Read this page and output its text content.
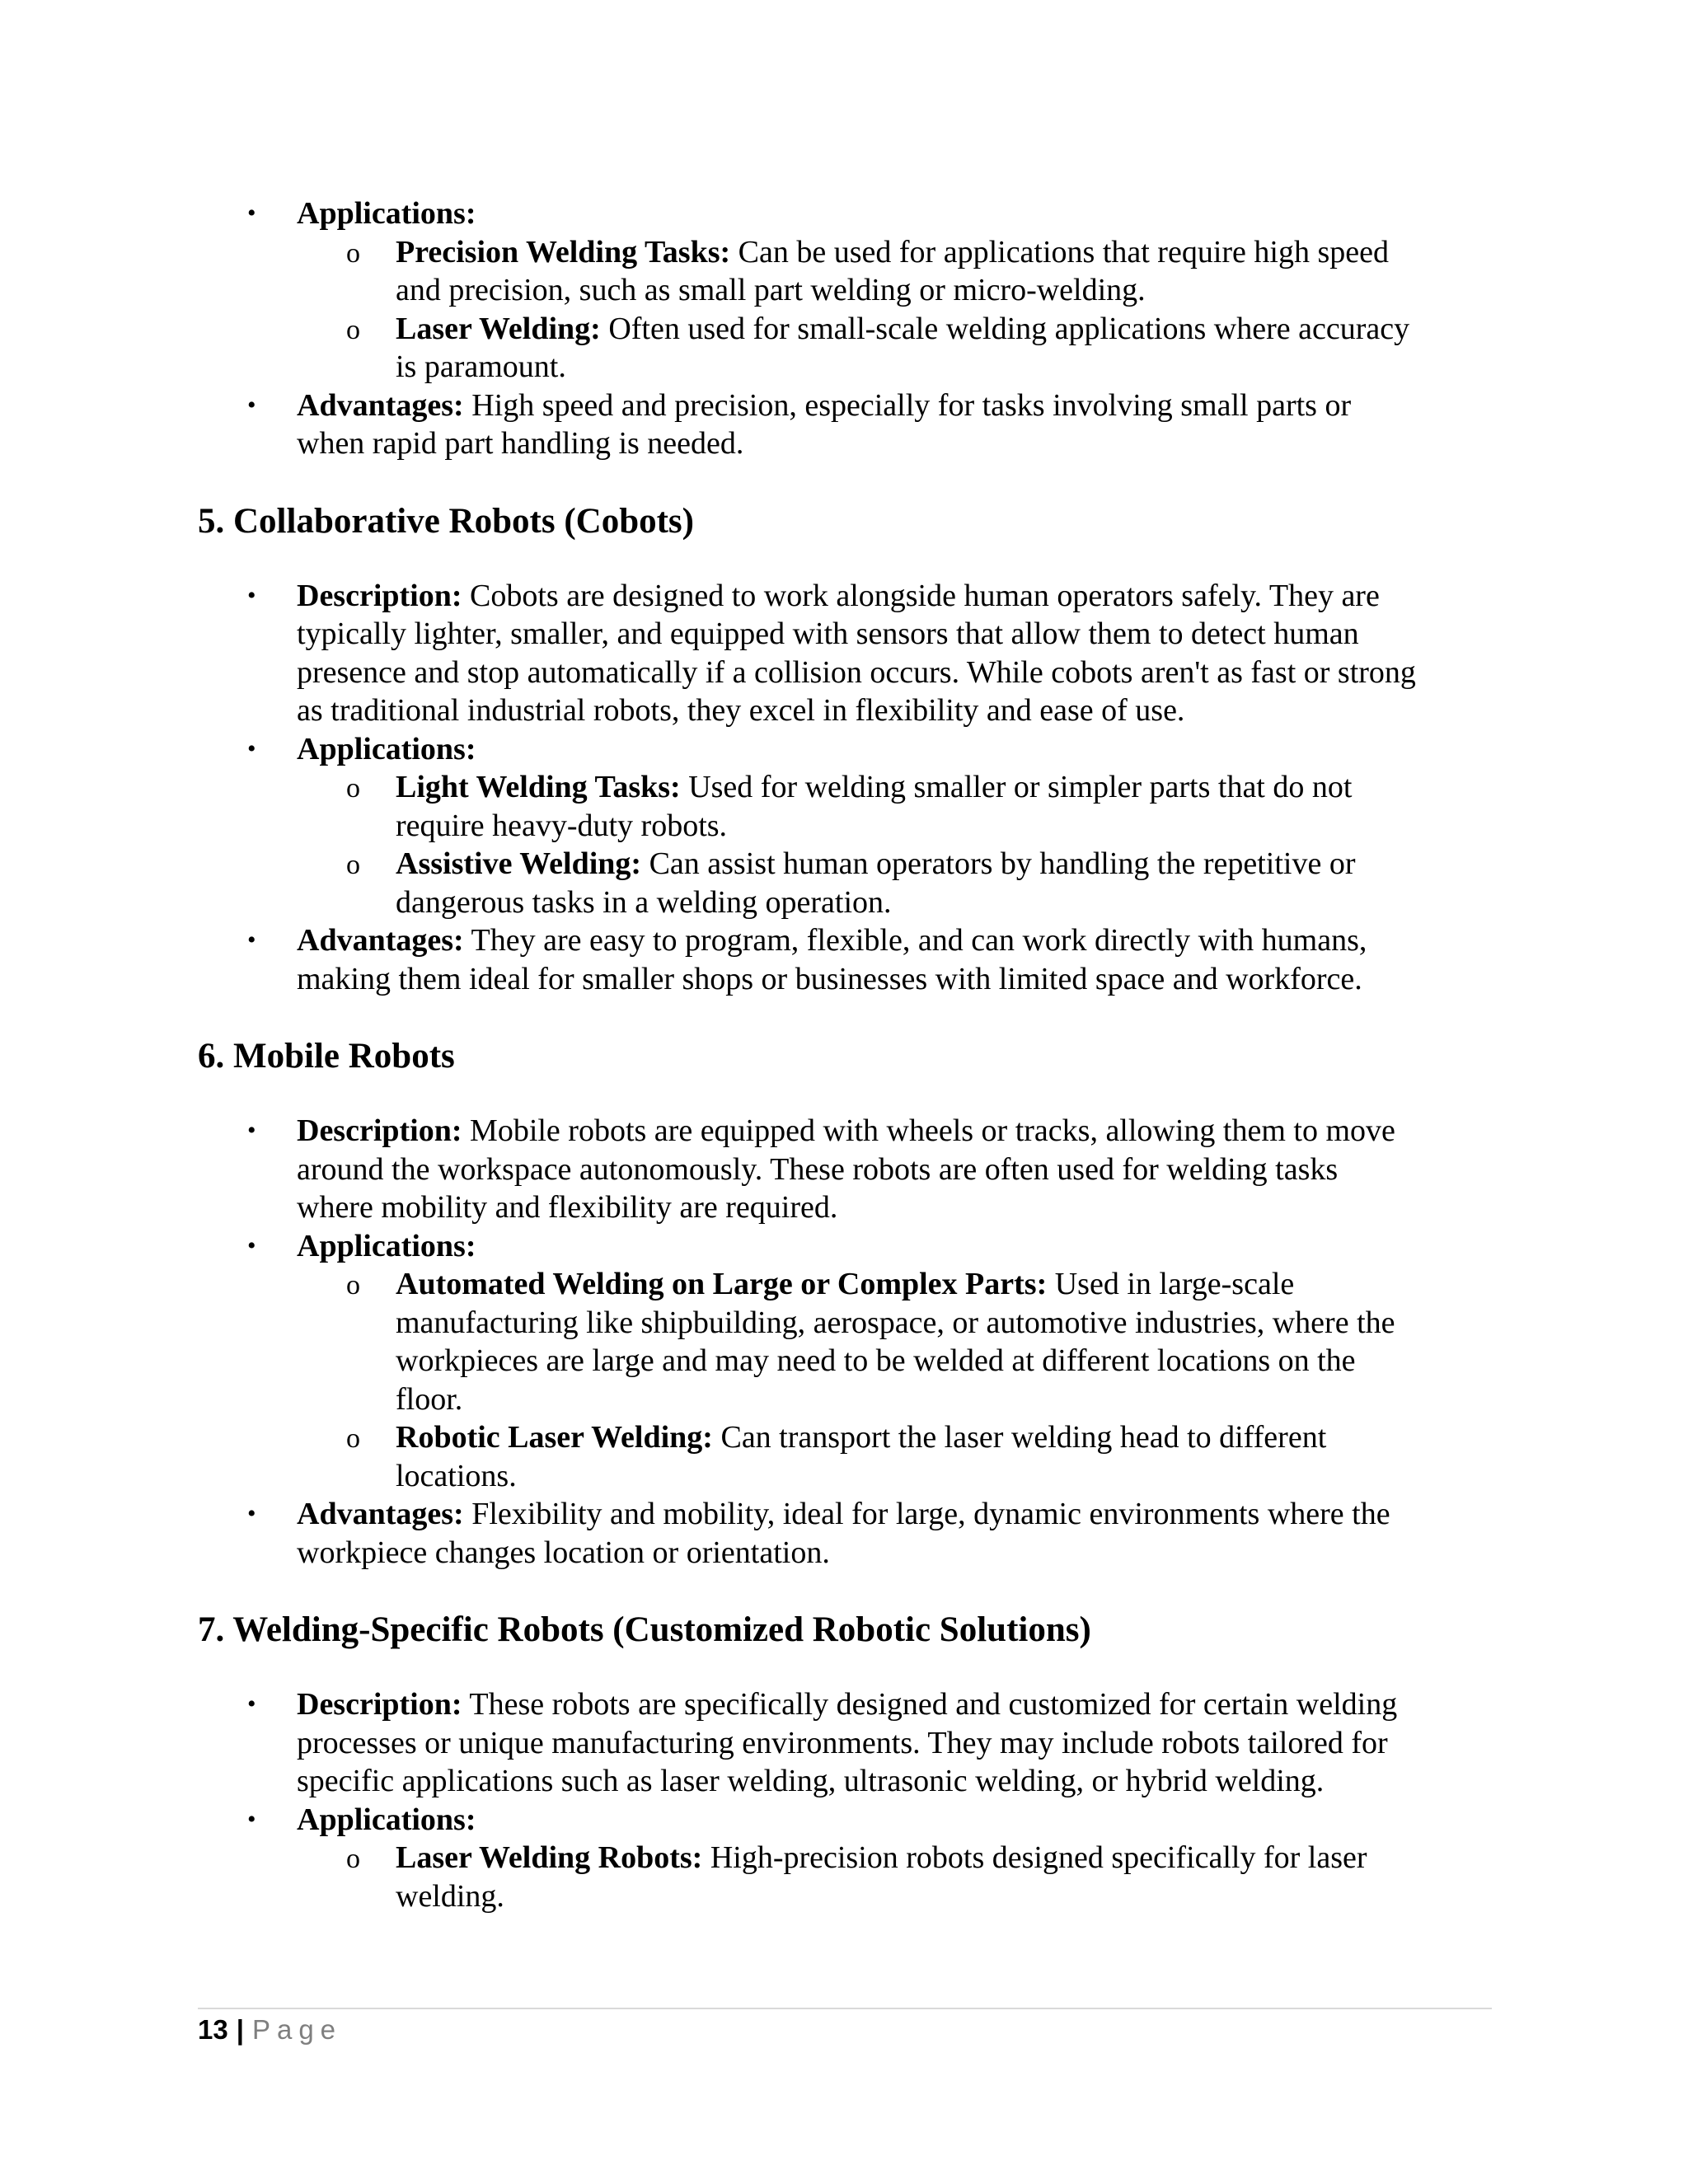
• Applications:
o Precision Welding Tasks: Can be used for applications that require high speed
and precision, such as small part welding or micro-welding.
o Laser Welding: Often used for small-scale welding applications where accuracy
is paramount.
• Advantages: High speed and precision, especially for tasks involving small parts or
when rapid part handling is needed.
5. Collaborative Robots (Cobots)
• Description: Cobots are designed to work alongside human operators safely. They are
typically lighter, smaller, and equipped with sensors that allow them to detect human
presence and stop automatically if a collision occurs. While cobots aren't as fast or strong
as traditional industrial robots, they excel in flexibility and ease of use.
• Applications:
o Light Welding Tasks: Used for welding smaller or simpler parts that do not
require heavy-duty robots.
o Assistive Welding: Can assist human operators by handling the repetitive or
dangerous tasks in a welding operation.
• Advantages: They are easy to program, flexible, and can work directly with humans,
making them ideal for smaller shops or businesses with limited space and workforce.
6. Mobile Robots
• Description: Mobile robots are equipped with wheels or tracks, allowing them to move
around the workspace autonomously. These robots are often used for welding tasks
where mobility and flexibility are required.
• Applications:
o Automated Welding on Large or Complex Parts: Used in large-scale
manufacturing like shipbuilding, aerospace, or automotive industries, where the
workpieces are large and may need to be welded at different locations on the
floor.
o Robotic Laser Welding: Can transport the laser welding head to different
locations.
• Advantages: Flexibility and mobility, ideal for large, dynamic environments where the
workpiece changes location or orientation.
7. Welding-Specific Robots (Customized Robotic Solutions)
• Description: These robots are specifically designed and customized for certain welding
processes or unique manufacturing environments. They may include robots tailored for
specific applications such as laser welding, ultrasonic welding, or hybrid welding.
• Applications:
o Laser Welding Robots: High-precision robots designed specifically for laser
welding.
13 | Page
